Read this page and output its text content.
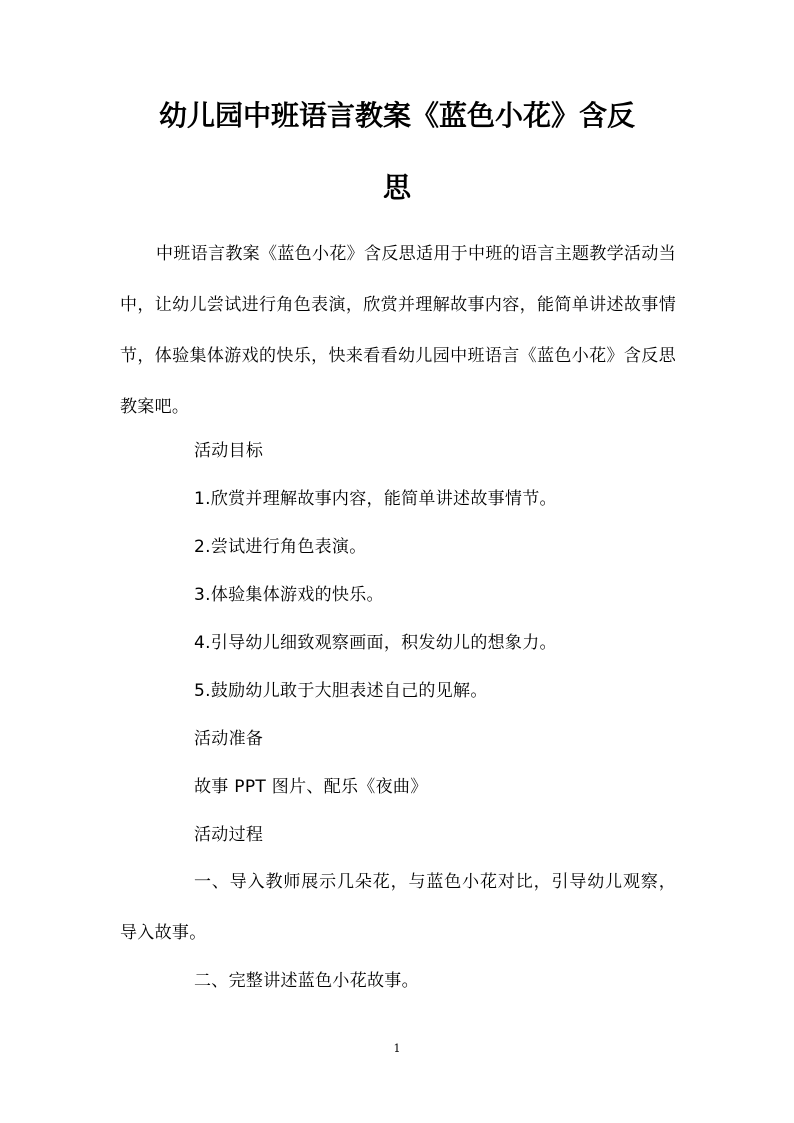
幼儿园中班语言教案《蓝色小花》含反
思

中班语言教案《蓝色小花》含反思适用于中班的语言主题教学活动当中，让幼儿尝试进行角色表演，欣赏并理解故事内容，能简单讲述故事情节，体验集体游戏的快乐，快来看看幼儿园中班语言《蓝色小花》含反思教案吧。

活动目标

1.欣赏并理解故事内容，能简单讲述故事情节。

2.尝试进行角色表演。

3.体验集体游戏的快乐。

4.引导幼儿细致观察画面，积发幼儿的想象力。

5.鼓励幼儿敢于大胆表述自己的见解。

活动准备

故事 PPT 图片、配乐《夜曲》

活动过程

一、导入教师展示几朵花，与蓝色小花对比，引导幼儿观察，导入故事。

二、完整讲述蓝色小花故事。

1
